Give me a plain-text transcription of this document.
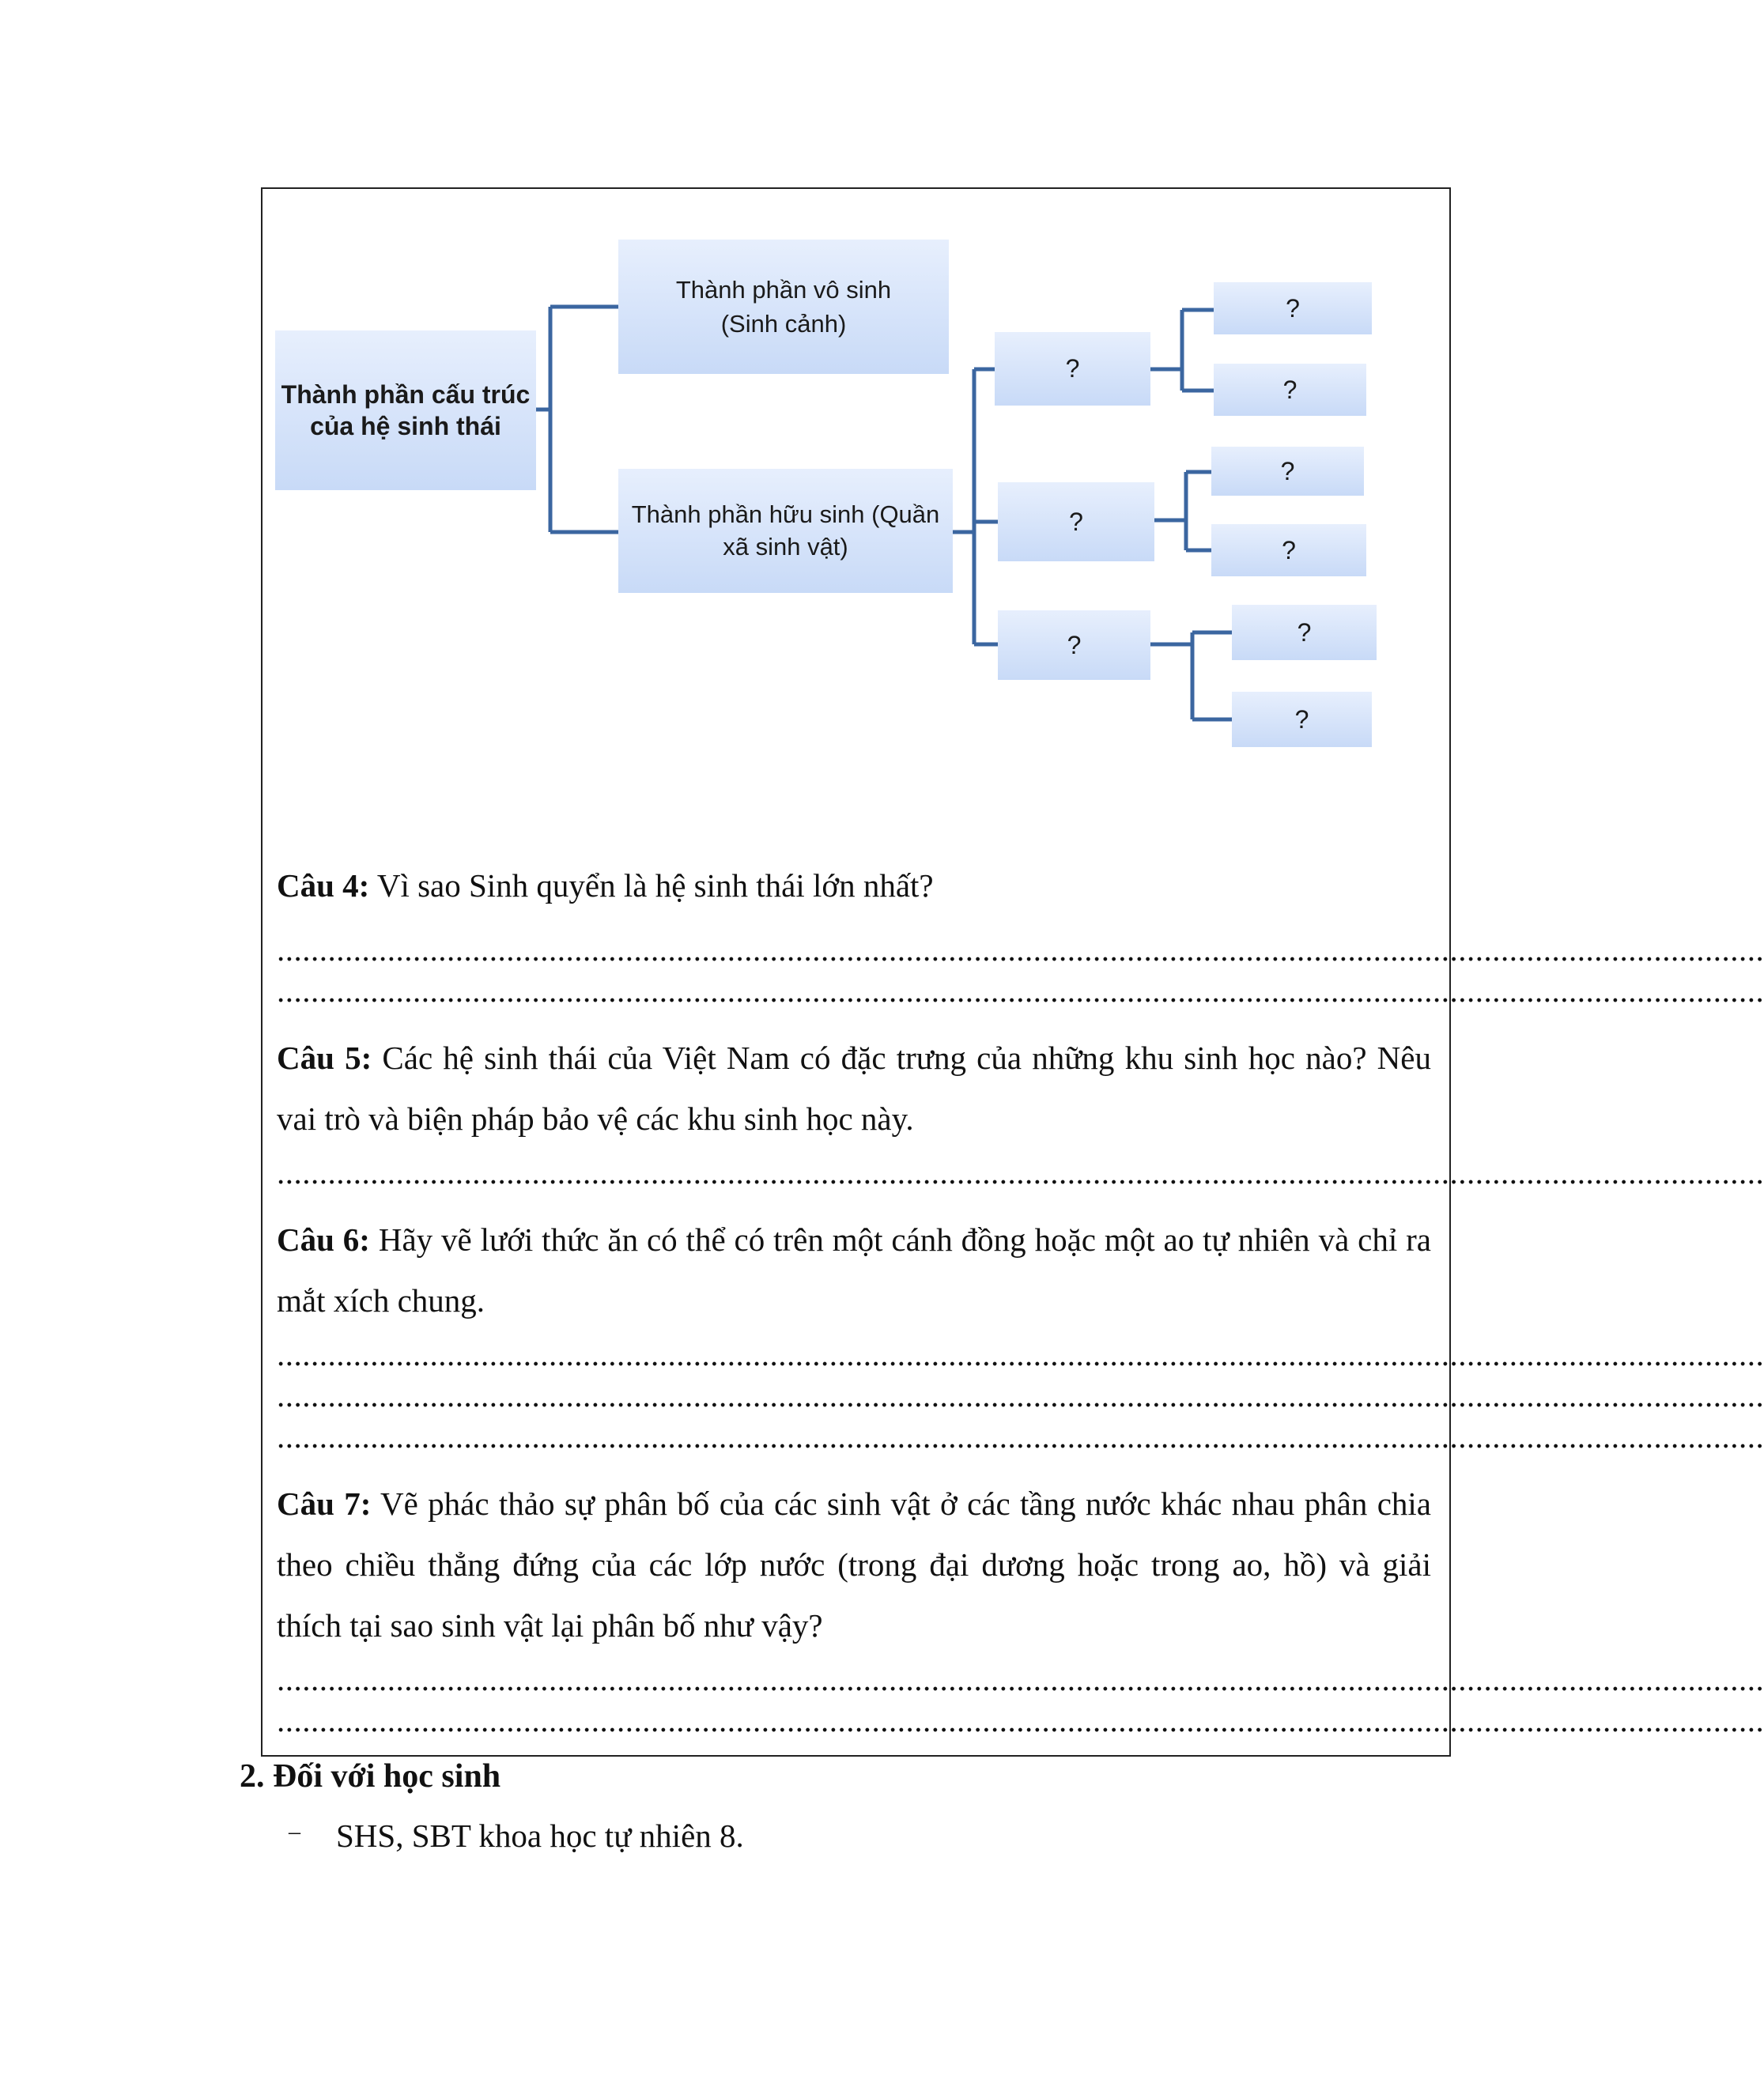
Thành phần cấu trúc của hệ sinh thái
Thành phần vô sinh
(Sinh cảnh)
Thành phần hữu sinh (Quần xã sinh vật)
?
?
?
?
?
?
?
?
?
Câu 4: Vì sao Sinh quyển là hệ sinh thái lớn nhất?
...............................................................................................................................................................................
...............................................................................................................................................................................
Câu 5: Các hệ sinh thái của Việt Nam có đặc trưng của những khu sinh học nào? Nêu vai trò và biện pháp bảo vệ các khu sinh học này.
...............................................................................................................................................................................
Câu 6: Hãy vẽ lưới thức ăn có thể có trên một cánh đồng hoặc một ao tự nhiên và chỉ ra mắt xích chung.
...............................................................................................................................................................................
...............................................................................................................................................................................
...............................................................................................................................................................................
Câu 7: Vẽ phác thảo sự phân bố của các sinh vật ở các tầng nước khác nhau phân chia theo chiều thẳng đứng của các lớp nước (trong đại dương hoặc trong ao, hồ) và giải thích tại sao sinh vật lại phân bố như vậy?
...............................................................................................................................................................................
...............................................................................................................................................................................
2. Đối với học sinh
– SHS, SBT khoa học tự nhiên 8.
